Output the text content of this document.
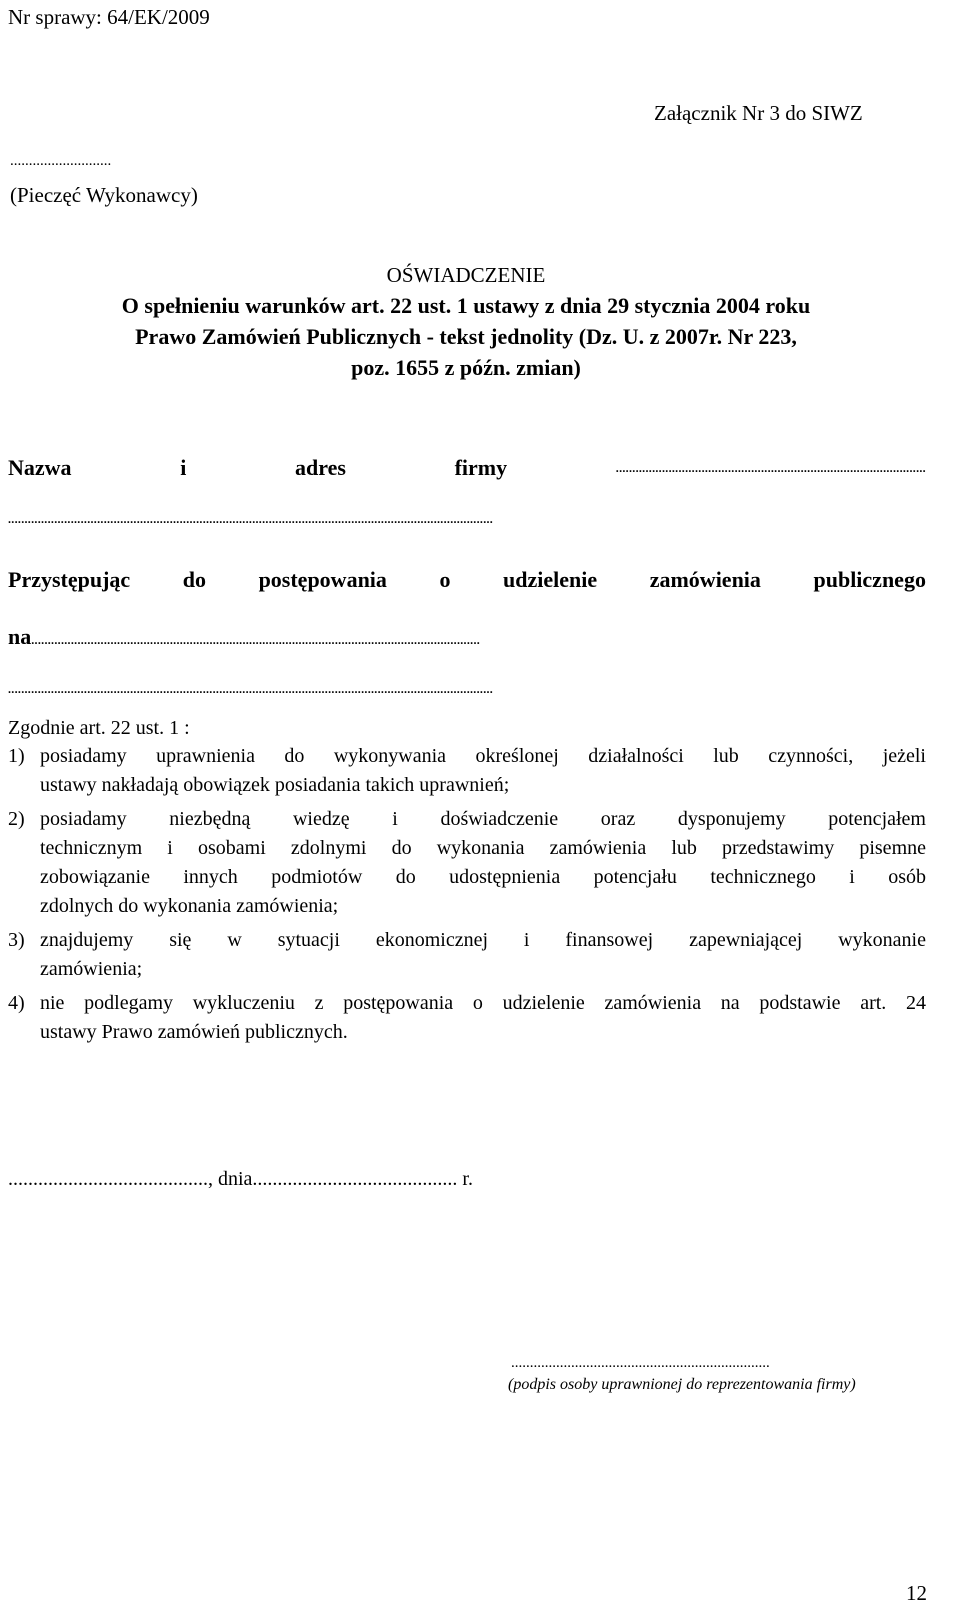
Nr sprawy: 64/EK/2009
Załącznik Nr 3 do SIWZ
...........................
(Pieczęć Wykonawcy)
OŚWIADCZENIE
O spełnieniu warunków art. 22 ust. 1 ustawy z dnia 29 stycznia 2004 roku
Prawo Zamówień Publicznych - tekst jednolity (Dz. U. z 2007r. Nr 223,
poz. 1655 z późn. zmian)
Nazwa	i	adres	firmy	..............................................................................................
...................................................................................................................................................
Przystępując do postępowania o udzielenie zamówienia publicznego
na........................................................................................................................................
...................................................................................................................................................
Zgodnie art. 22 ust. 1 :
1) posiadamy uprawnienia do wykonywania określonej działalności lub czynności, jeżeli
ustawy nakładają obowiązek posiadania takich uprawnień;
2) posiadamy niezbędną wiedzę i doświadczenie oraz dysponujemy potencjałem
technicznym i osobami zdolnymi do wykonania zamówienia lub przedstawimy pisemne
zobowiązanie innych podmiotów do udostępnienia potencjału technicznego i osób
zdolnych do wykonania zamówienia;
3) znajdujemy się w sytuacji ekonomicznej i finansowej zapewniającej wykonanie
zamówienia;
4) nie podlegamy wykluczeniu z postępowania o udzielenie zamówienia na podstawie art. 24
ustawy Prawo zamówień publicznych.
........................................, dnia......................................... r.
.....................................................................
(podpis osoby uprawnionej do reprezentowania firmy)
12
